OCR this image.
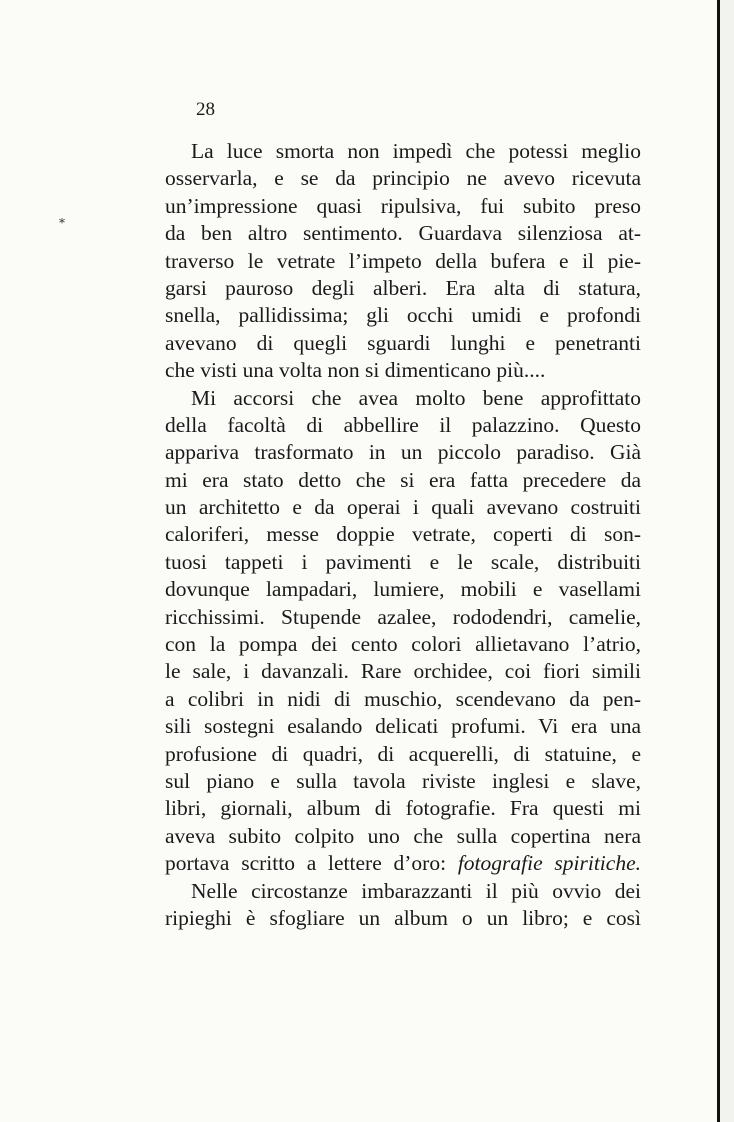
⁎
28
La luce smorta non impedì che potessi meglio
osservarla, e se da principio ne avevo ricevuta
un’impressione quasi ripulsiva, fui subito preso
da ben altro sentimento. Guardava silenziosa at-
traverso le vetrate l’impeto della bufera e il pie-
garsi pauroso degli alberi. Era alta di statura,
snella, pallidissima; gli occhi umidi e profondi
avevano di quegli sguardi lunghi e penetranti
che visti una volta non si dimenticano più....
Mi accorsi che avea molto bene approfittato
della facoltà di abbellire il palazzino. Questo
appariva trasformato in un piccolo paradiso. Già
mi era stato detto che si era fatta precedere da
un architetto e da operai i quali avevano costruiti
caloriferi, messe doppie vetrate, coperti di son-
tuosi tappeti i pavimenti e le scale, distribuiti
dovunque lampadari, lumiere, mobili e vasellami
ricchissimi. Stupende azalee, rododendri, camelie,
con la pompa dei cento colori allietavano l’atrio,
le sale, i davanzali. Rare orchidee, coi fiori simili
a colibri in nidi di muschio, scendevano da pen-
sili sostegni esalando delicati profumi. Vi era una
profusione di quadri, di acquerelli, di statuine, e
sul piano e sulla tavola riviste inglesi e slave,
libri, giornali, album di fotografie. Fra questi mi
aveva subito colpito uno che sulla copertina nera
portava scritto a lettere d’oro: fotografie spiritiche.
Nelle circostanze imbarazzanti il più ovvio dei
ripieghi è sfogliare un album o un libro; e così
